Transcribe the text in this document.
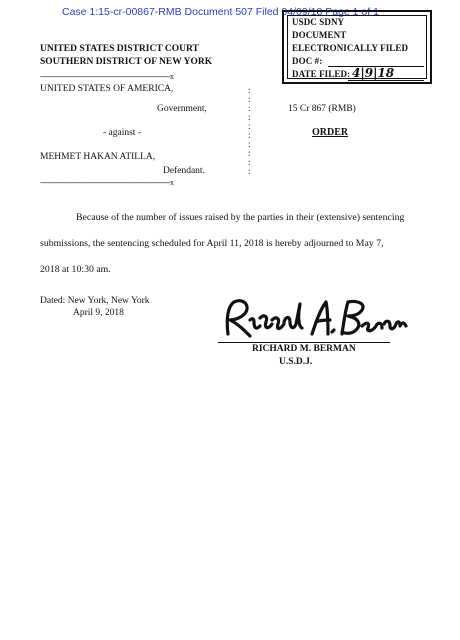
Case 1:15-cr-00867-RMB Document 507 Filed 04/09/18 Page 1 of 1
USDC SDNY
DOCUMENT
ELECTRONICALLY FILED
DOC #:
DATE FILED: 4|9|18
UNITED STATES DISTRICT COURT
SOUTHERN DISTRICT OF NEW YORK
---------------------------------------------------------------x
UNITED STATES OF AMERICA,
Government,
- against -
MEHMET HAKAN ATILLA,
Defendant.
---------------------------------------------------------------x
:
:
:
:
:
:
:
:
:
:
15 Cr 867 (RMB)
ORDER
Because of the number of issues raised by the parties in their (extensive) sentencing
submissions, the sentencing scheduled for April 11, 2018 is hereby adjourned to May 7,
2018 at 10:30 am.
Dated: New York, New York
April 9, 2018
RICHARD M. BERMAN
U.S.D.J.
